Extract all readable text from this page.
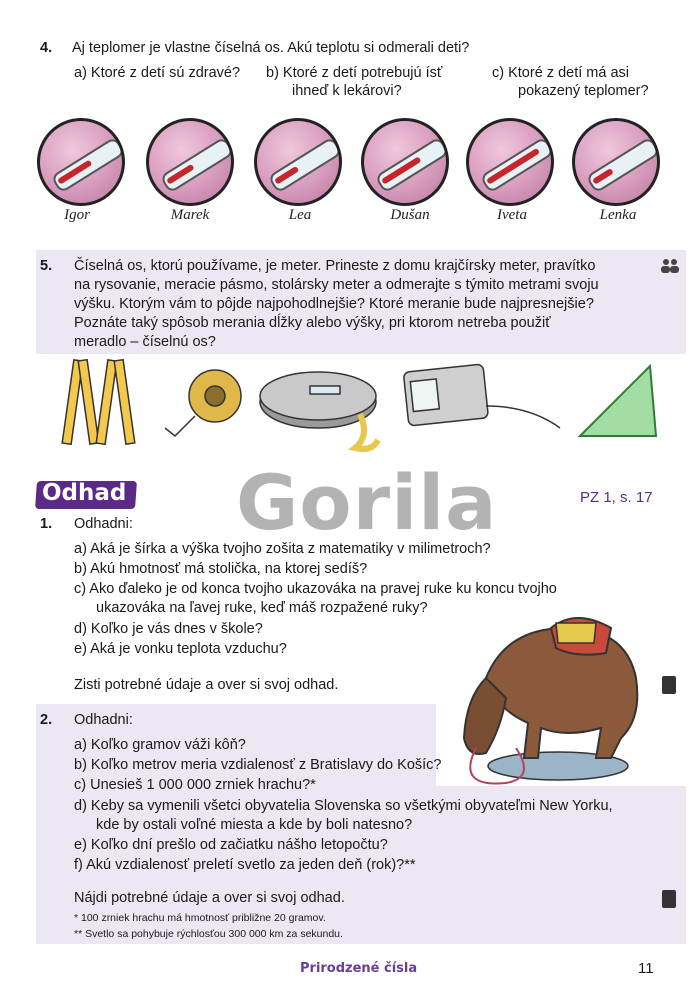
4. Aj teplomer je vlastne číselná os. Akú teplotu si odmerali deti?
a) Ktoré z detí sú zdravé? b) Ktoré z detí potrebujú ísť
ihneď k lekárovi?
c) Ktoré z detí má asi
pokazený teplomer?
Igor	Marek	Lea	Dušan	Iveta	Lenka
5. Číselná os, ktorú používame, je meter. Prineste z domu krajčírsky meter, pravítko
na rysovanie, meracie pásmo, stolársky meter a odmerajte s týmito metrami svoju
výšku. Ktorým vám to pôjde najpohodlnejšie? Ktoré meranie bude najpresnejšie?
Poznáte taký spôsob merania dĺžky alebo výšky, pri ktorom netreba použiť
meradlo – číselnú os?
Gorila
Odhad	PZ 1, s. 17
1. Odhadni:
a) Aká je šírka a výška tvojho zošita z matematiky v milimetroch?
b) Akú hmotnosť má stolička, na ktorej sedíš?
c) Ako ďaleko je od konca tvojho ukazováka na pravej ruke ku koncu tvojho
ukazováka na ľavej ruke, keď máš rozpažené ruky?
d) Koľko je vás dnes v škole?
e) Aká je vonku teplota vzduchu?
Zisti potrebné údaje a over si svoj odhad.
2. Odhadni:
a) Koľko gramov váži kôň?
b) Koľko metrov meria vzdialenosť z Bratislavy do Košíc?
c) Unesieš 1 000 000 zrniek hrachu?*
d) Keby sa vymenili všetci obyvatelia Slovenska so všetkými obyvateľmi New Yorku,
kde by ostali voľné miesta a kde by boli natesno?
e) Koľko dní prešlo od začiatku nášho letopočtu?
f) Akú vzdialenosť preletí svetlo za jeden deň (rok)?**
Nájdi potrebné údaje a over si svoj odhad.
* 100 zrniek hrachu má hmotnosť približne 20 gramov.
** Svetlo sa pohybuje rýchlosťou 300 000 km za sekundu.
Prirodzené čísla	11
